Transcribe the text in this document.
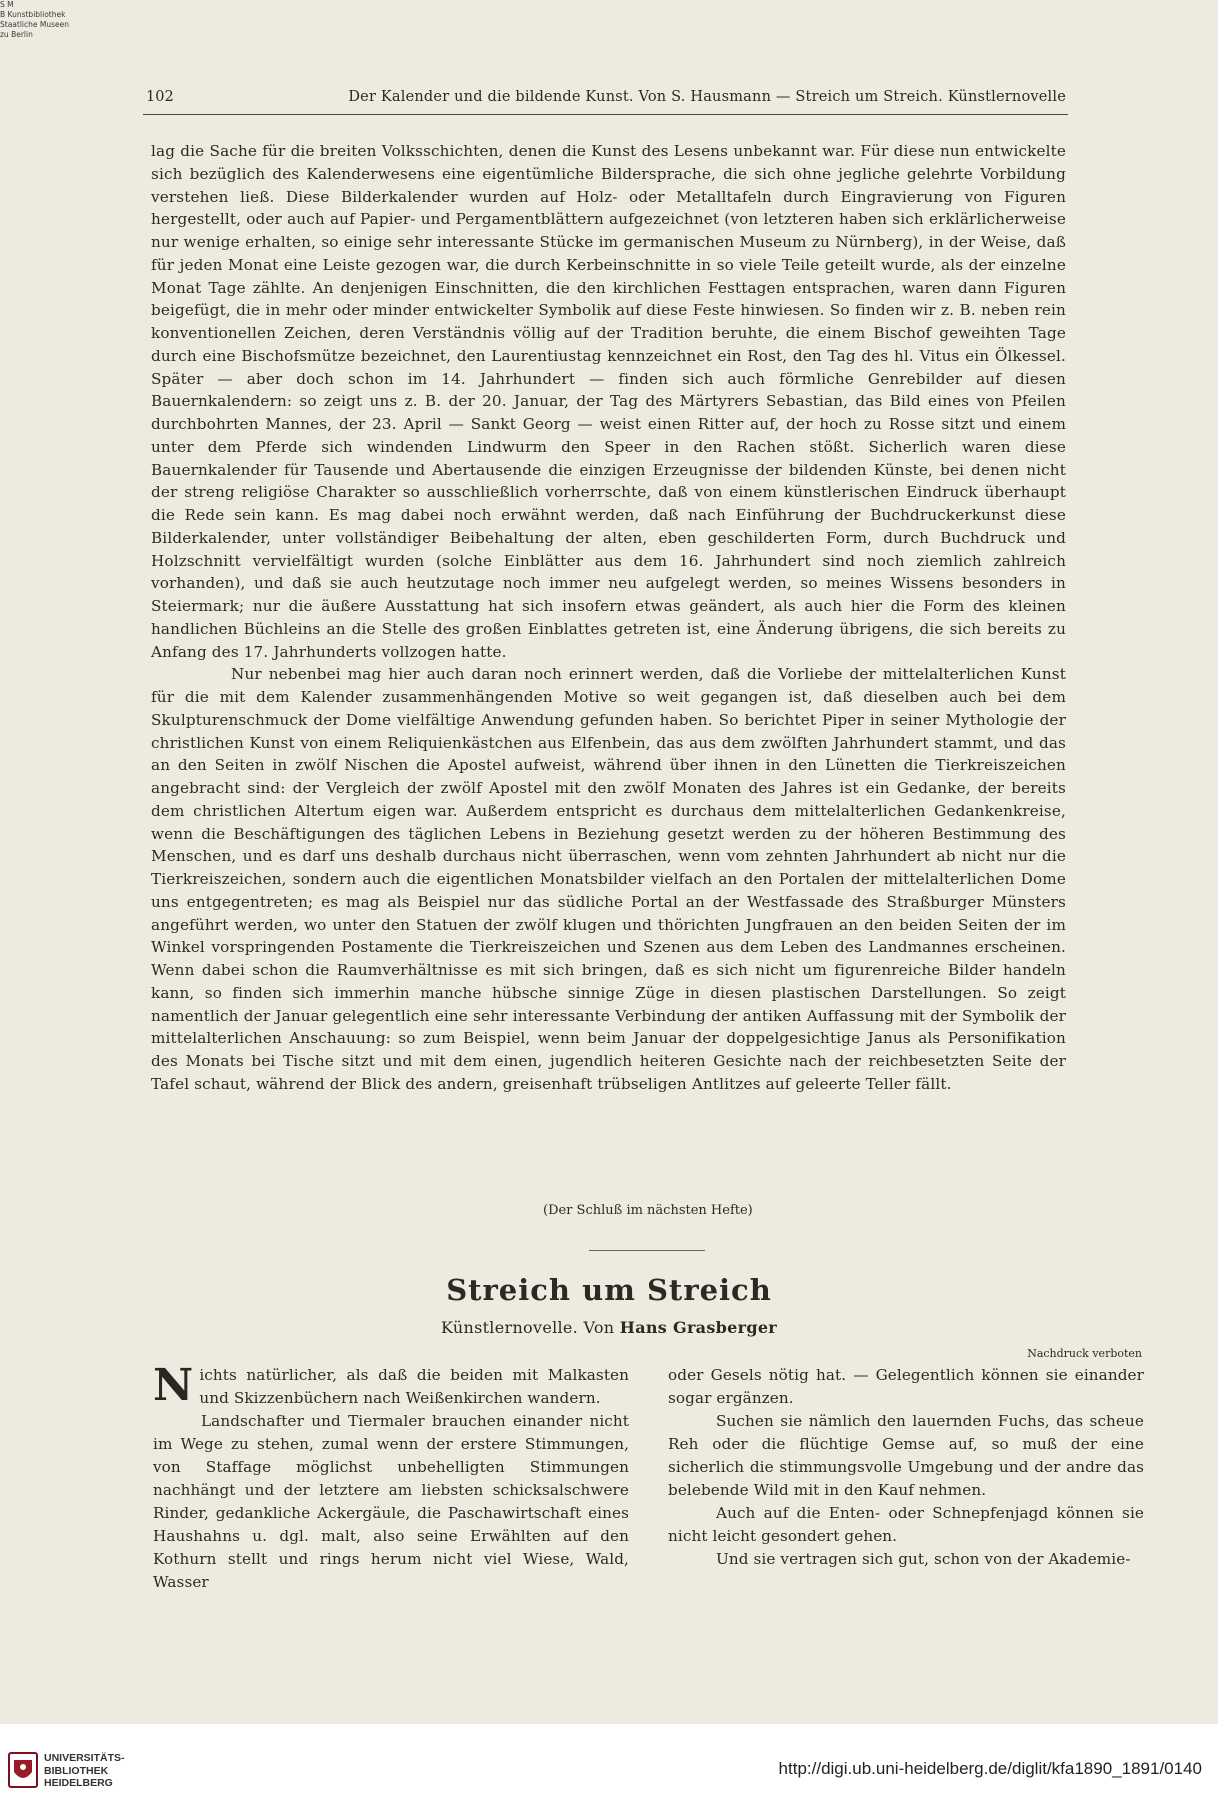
S M
B Kunstbibliothek
Staatliche Museen
zu Berlin
102	Der Kalender und die bildende Kunst. Von S. Hausmann — Streich um Streich. Künstlernovelle

lag die Sache für die breiten Volksschichten, denen die Kunst des Lesens unbekannt war. Für diese nun entwickelte sich bezüglich des Kalenderwesens eine eigentümliche Bildersprache, die sich ohne jegliche gelehrte Vorbildung verstehen ließ. Diese Bilderkalender wurden auf Holz- oder Metalltafeln durch Eingravierung von Figuren hergestellt, oder auch auf Papier- und Pergamentblättern aufgezeichnet (von letzteren haben sich erklärlicherweise nur wenige erhalten, so einige sehr interessante Stücke im germanischen Museum zu Nürnberg), in der Weise, daß für jeden Monat eine Leiste gezogen war, die durch Kerbeinschnitte in so viele Teile geteilt wurde, als der einzelne Monat Tage zählte. An denjenigen Einschnitten, die den kirchlichen Festtagen entsprachen, waren dann Figuren beigefügt, die in mehr oder minder entwickelter Symbolik auf diese Feste hinwiesen. So finden wir z. B. neben rein konventionellen Zeichen, deren Verständnis völlig auf der Tradition beruhte, die einem Bischof geweihten Tage durch eine Bischofsmütze bezeichnet, den Laurentiustag kennzeichnet ein Rost, den Tag des hl. Vitus ein Ölkessel. Später — aber doch schon im 14. Jahrhundert — finden sich auch förmliche Genrebilder auf diesen Bauernkalendern: so zeigt uns z. B. der 20. Januar, der Tag des Märtyrers Sebastian, das Bild eines von Pfeilen durchbohrten Mannes, der 23. April — Sankt Georg — weist einen Ritter auf, der hoch zu Rosse sitzt und einem unter dem Pferde sich windenden Lindwurm den Speer in den Rachen stößt. Sicherlich waren diese Bauernkalender für Tausende und Abertausende die einzigen Erzeugnisse der bildenden Künste, bei denen nicht der streng religiöse Charakter so ausschließlich vorherrschte, daß von einem künstlerischen Eindruck überhaupt die Rede sein kann. Es mag dabei noch erwähnt werden, daß nach Einführung der Buchdruckerkunst diese Bilderkalender, unter vollständiger Beibehaltung der alten, eben geschilderten Form, durch Buchdruck und Holzschnitt vervielfältigt wurden (solche Einblätter aus dem 16. Jahrhundert sind noch ziemlich zahlreich vorhanden), und daß sie auch heutzutage noch immer neu aufgelegt werden, so meines Wissens besonders in Steiermark; nur die äußere Ausstattung hat sich insofern etwas geändert, als auch hier die Form des kleinen handlichen Büchleins an die Stelle des großen Einblattes getreten ist, eine Änderung übrigens, die sich bereits zu Anfang des 17. Jahrhunderts vollzogen hatte.

Nur nebenbei mag hier auch daran noch erinnert werden, daß die Vorliebe der mittelalterlichen Kunst für die mit dem Kalender zusammenhängenden Motive so weit gegangen ist, daß dieselben auch bei dem Skulpturenschmuck der Dome vielfältige Anwendung gefunden haben. So berichtet Piper in seiner Mythologie der christlichen Kunst von einem Reliquienkästchen aus Elfenbein, das aus dem zwölften Jahrhundert stammt, und das an den Seiten in zwölf Nischen die Apostel aufweist, während über ihnen in den Lünetten die Tierkreiszeichen angebracht sind: der Vergleich der zwölf Apostel mit den zwölf Monaten des Jahres ist ein Gedanke, der bereits dem christlichen Altertum eigen war. Außerdem entspricht es durchaus dem mittelalterlichen Gedankenkreise, wenn die Beschäftigungen des täglichen Lebens in Beziehung gesetzt werden zu der höheren Bestimmung des Menschen, und es darf uns deshalb durchaus nicht überraschen, wenn vom zehnten Jahrhundert ab nicht nur die Tierkreiszeichen, sondern auch die eigentlichen Monatsbilder vielfach an den Portalen der mittelalterlichen Dome uns entgegentreten; es mag als Beispiel nur das südliche Portal an der Westfassade des Straßburger Münsters angeführt werden, wo unter den Statuen der zwölf klugen und thörichten Jungfrauen an den beiden Seiten der im Winkel vorspringenden Postamente die Tierkreiszeichen und Szenen aus dem Leben des Landmannes erscheinen. Wenn dabei schon die Raumverhältnisse es mit sich bringen, daß es sich nicht um figurenreiche Bilder handeln kann, so finden sich immerhin manche hübsche sinnige Züge in diesen plastischen Darstellungen. So zeigt namentlich der Januar gelegentlich eine sehr interessante Verbindung der antiken Auffassung mit der Symbolik der mittelalterlichen Anschauung: so zum Beispiel, wenn beim Januar der doppelgesichtige Janus als Personifikation des Monats bei Tische sitzt und mit dem einen, jugendlich heiteren Gesichte nach der reichbesetzten Seite der Tafel schaut, während der Blick des andern, greisenhaft trübseligen Antlitzes auf geleerte Teller fällt.

(Der Schluß im nächsten Hefte)
Streich um Streich
Künstlernovelle. Von Hans Grasberger
Nachdruck verboten

Nichts natürlicher, als daß die beiden mit Malkasten und Skizzenbüchern nach Weißenkirchen wandern.

Landschafter und Tiermaler brauchen einander nicht im Wege zu stehen, zumal wenn der erstere Stimmungen, von Staffage möglichst unbehelligten Stimmungen nachhängt und der letztere am liebsten schicksalschwere Rinder, gedankliche Ackergäule, die Paschawirtschaft eines Haushahns u. dgl. malt, also seine Erwählten auf den Kothurn stellt und rings herum nicht viel Wiese, Wald, Wasser

oder Gesels nötig hat. — Gelegentlich können sie einander sogar ergänzen.

Suchen sie nämlich den lauernden Fuchs, das scheue Reh oder die flüchtige Gemse auf, so muß der eine sicherlich die stimmungsvolle Umgebung und der andre das belebende Wild mit in den Kauf nehmen.

Auch auf die Enten- oder Schnepfenjagd können sie nicht leicht gesondert gehen.

Und sie vertragen sich gut, schon von der Akademie-

UNIVERSITÄTS-
BIBLIOTHEK
HEIDELBERG
http://digi.ub.uni-heidelberg.de/diglit/kfa1890_1891/0140
